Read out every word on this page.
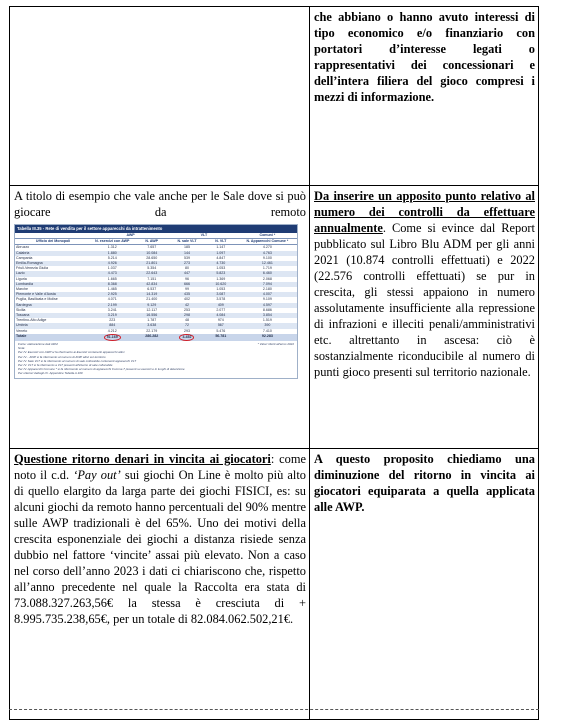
	che abbiano o hanno avuto interessi di tipo economico e/o finanziario con portatori d’interesse legati o rappresentativi dei concessionari e dell’intera filiera del gioco compresi i mezzi di informazione.

A titolo di esempio che vale anche per le Sale dove si può giocare da remoto
Tabella III.35 - Rete di vendita per il settore apparecchi da intrattenimento
	AWP	VLT	Comuni *
Ufficio dei Monopoli	N. esercizi con AWP	N. AWP	N. sale VLT	N. VLT	N. Apparecchi Comune *
Abruzzo	1.312	7.657	185	1.147	4.270
Calabria	1.880	10.084	144	1.097	4.763
Campania	5.214	28.650	539	4.847	9.100
Emilia-Romagna	4.926	21.801	273	4.730	12.461
Friuli-Venezia Giulia	1.037	5.354	80	1.053	1.719
Lazio	4.473	22.643	447	5.823	6.460
Liguria	1.665	7.151	96	1.369	2.068
Lombardia	8.368	42.834	666	10.620	7.094
Marche	1.465	6.537	99	1.053	2.180
Piemonte e Valle d'Aosta	2.925	14.319	435	3.087	4.007
Puglia, Basilicata e Molise	4.071	21.400	402	3.578	9.109
Sardegna	2.199	9.129	42	409	4.597
Sicilia	3.241	12.117	253	2.077	8.686
Toscana	3.219	16.556	298	4.084	3.854
Trentino-Alto Adige	223	1.787	48	974	1.519
Umbria	884	3.638	72	567	390
Veneto	4.212	22.179	293	5.476	7.410
Totale	51.169	286.282	4.452	56.781	92.283
Fonte: elaborazione dati ADM	* Valori riferiti all'anno 2022
Nota:
Per IV. Esercizi con AWP si fa riferimento ai Esercizi contenenti apparecchi attivi
Per IV... AWP si fa riferimento al numero di AWP attivi sul territorio
Per IV. Sale VLT si fa riferimento al numero di sale collocabile contenenti apparecchi VLT
Per IV. VLT si fa riferimento a VLT presenti all'interno di sale collocabile
Per IV. Apparecchi Comune * si fa riferimento al numero di apparecchi Comma 7 presenti su esercizi e in luoghi di detenzione
Per ulteriori dettagli cfr. Appendice Tabella A.100
	Da inserire un apposito punto relativo al numero dei controlli da effettuare annualmente. Come si evince dal Report pubblicato sul Libro Blu ADM per gli anni 2021 (10.874 controlli effettuati) e 2022 (22.576 controlli effettuati) se pur in crescita, gli stessi appaiono in numero assolutamente insufficiente alla repressione di infrazioni e illeciti penali/amministrativi etc. altrettanto in ascesa: ciò è sostanzialmente riconducibile al numero di punti gioco presenti sul territorio nazionale.
Questione ritorno denari in vincita ai giocatori: come noto il c.d. ‘Pay out’ sui giochi On Line è molto più alto di quello elargito da larga parte dei giochi FISICI, es: su alcuni giochi da remoto hanno percentuali del 90% mentre sulle AWP tradizionali è del 65%. Uno dei motivi della crescita esponenziale dei giochi a distanza risiede senza dubbio nel fattore ‘vincite’ assai più elevato. Non a caso nel corso dell’anno 2023 i dati ci chiariscono che, rispetto all’anno precedente nel quale la Raccolta era stata di 73.088.327.263,56€ la stessa è cresciuta di + 8.995.735.238,65€, per un totale di 82.084.062.502,21€.	A questo proposito chiediamo una diminuzione del ritorno in vincita ai giocatori equiparata a quella applicata alle AWP.
